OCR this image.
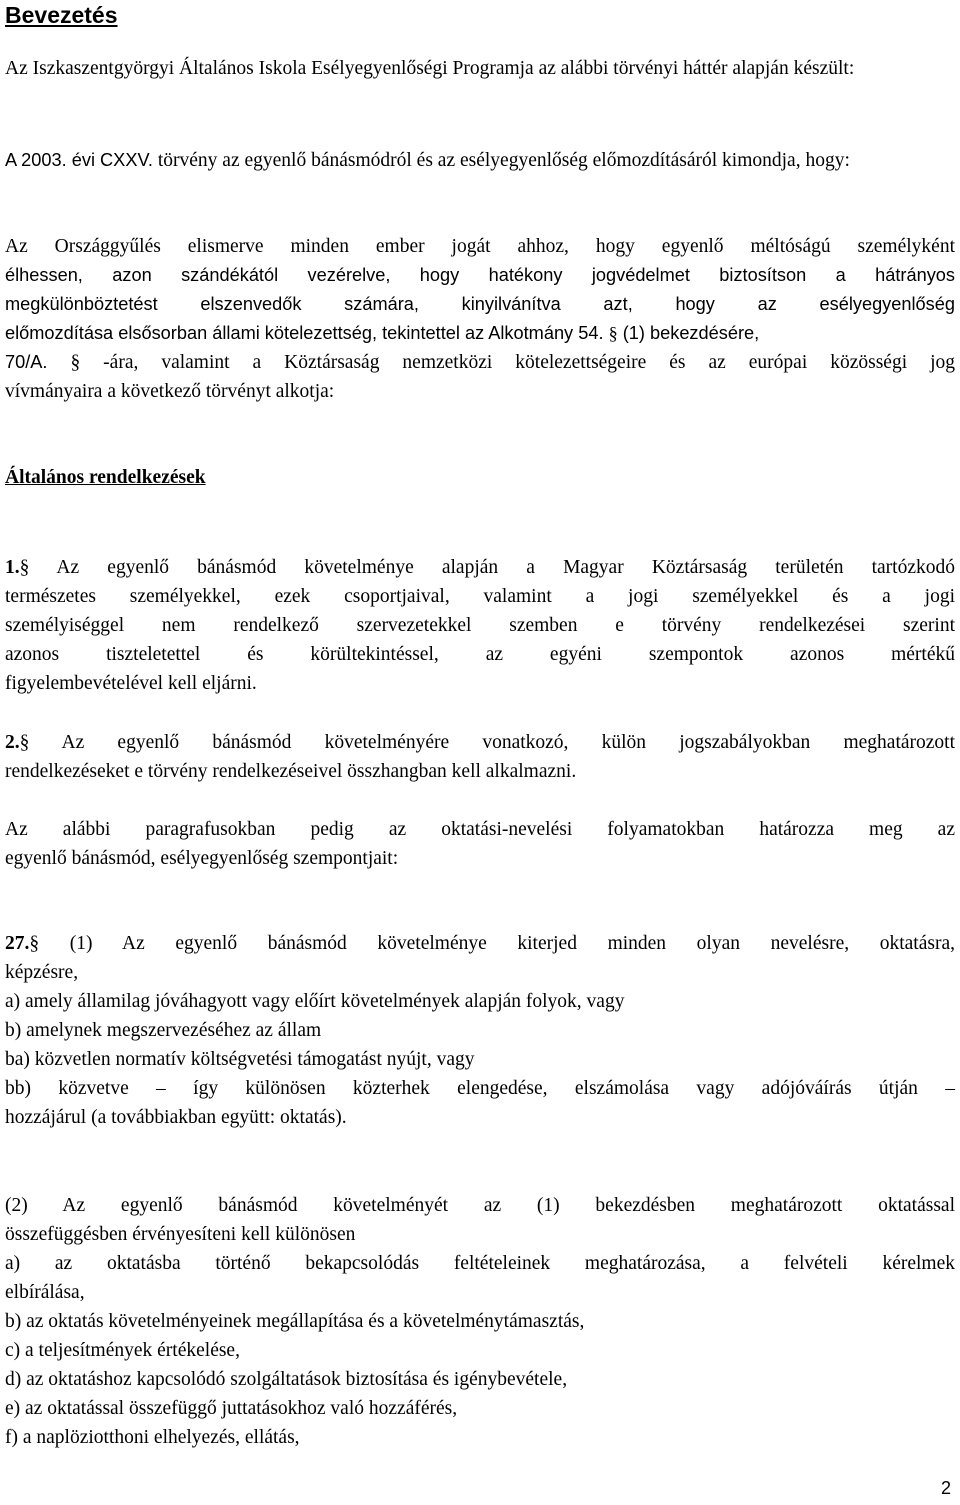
Bevezetés

Az Iszkaszentgyörgyi Általános Iskola Esélyegyenlőségi Programja az alábbi törvényi háttér alapján készült:

A 2003. évi CXXV. törvény az egyenlő bánásmódról és az esélyegyenlőség előmozdításáról kimondja, hogy:

Az Országgyűlés elismerve minden ember jogát ahhoz, hogy egyenlő méltóságú személyként
élhessen, azon szándékától vezérelve, hogy hatékony jogvédelmet biztosítson a hátrányos
megkülönböztetést elszenvedők számára, kinyilvánítva azt, hogy az esélyegyenlőség
előmozdítása elsősorban állami kötelezettség, tekintettel az Alkotmány 54. § (1) bekezdésére,
70/A. § -ára, valamint a Köztársaság nemzetközi kötelezettségeire és az európai közösségi jog
vívmányaira a következő törvényt alkotja:
Általános rendelkezések
1.§ Az egyenlő bánásmód követelménye alapján a Magyar Köztársaság területén tartózkodó
természetes személyekkel, ezek csoportjaival, valamint a jogi személyekkel és a jogi
személyiséggel nem rendelkező szervezetekkel szemben e törvény rendelkezései szerint
azonos tiszteletettel és körültekintéssel, az egyéni szempontok azonos mértékű
figyelembevételével kell eljárni.
2.§ Az egyenlő bánásmód követelményére vonatkozó, külön jogszabályokban meghatározott
rendelkezéseket e törvény rendelkezéseivel összhangban kell alkalmazni.
Az alábbi paragrafusokban pedig az oktatási-nevelési folyamatokban határozza meg az
egyenlő bánásmód, esélyegyenlőség szempontjait:
27.§ (1) Az egyenlő bánásmód követelménye kiterjed minden olyan nevelésre, oktatásra,
képzésre,
a) amely államilag jóváhagyott vagy előírt követelmények alapján folyok, vagy
b) amelynek megszervezéséhez az állam
ba) közvetlen normatív költségvetési támogatást nyújt, vagy
bb) közvetve – így különösen közterhek elengedése, elszámolása vagy adójóváírás útján –
hozzájárul (a továbbiakban együtt: oktatás).
(2) Az egyenlő bánásmód követelményét az (1) bekezdésben meghatározott oktatással
összefüggésben érvényesíteni kell különösen
a) az oktatásba történő bekapcsolódás feltételeinek meghatározása, a felvételi kérelmek
elbírálása,
b) az oktatás követelményeinek megállapítása és a követelménytámasztás,
c) a teljesítmények értékelése,
d) az oktatáshoz kapcsolódó szolgáltatások biztosítása és igénybevétele,
e) az oktatással összefüggő juttatásokhoz való hozzáférés,
f) a naplöziotthoni elhelyezés, ellátás,
2
